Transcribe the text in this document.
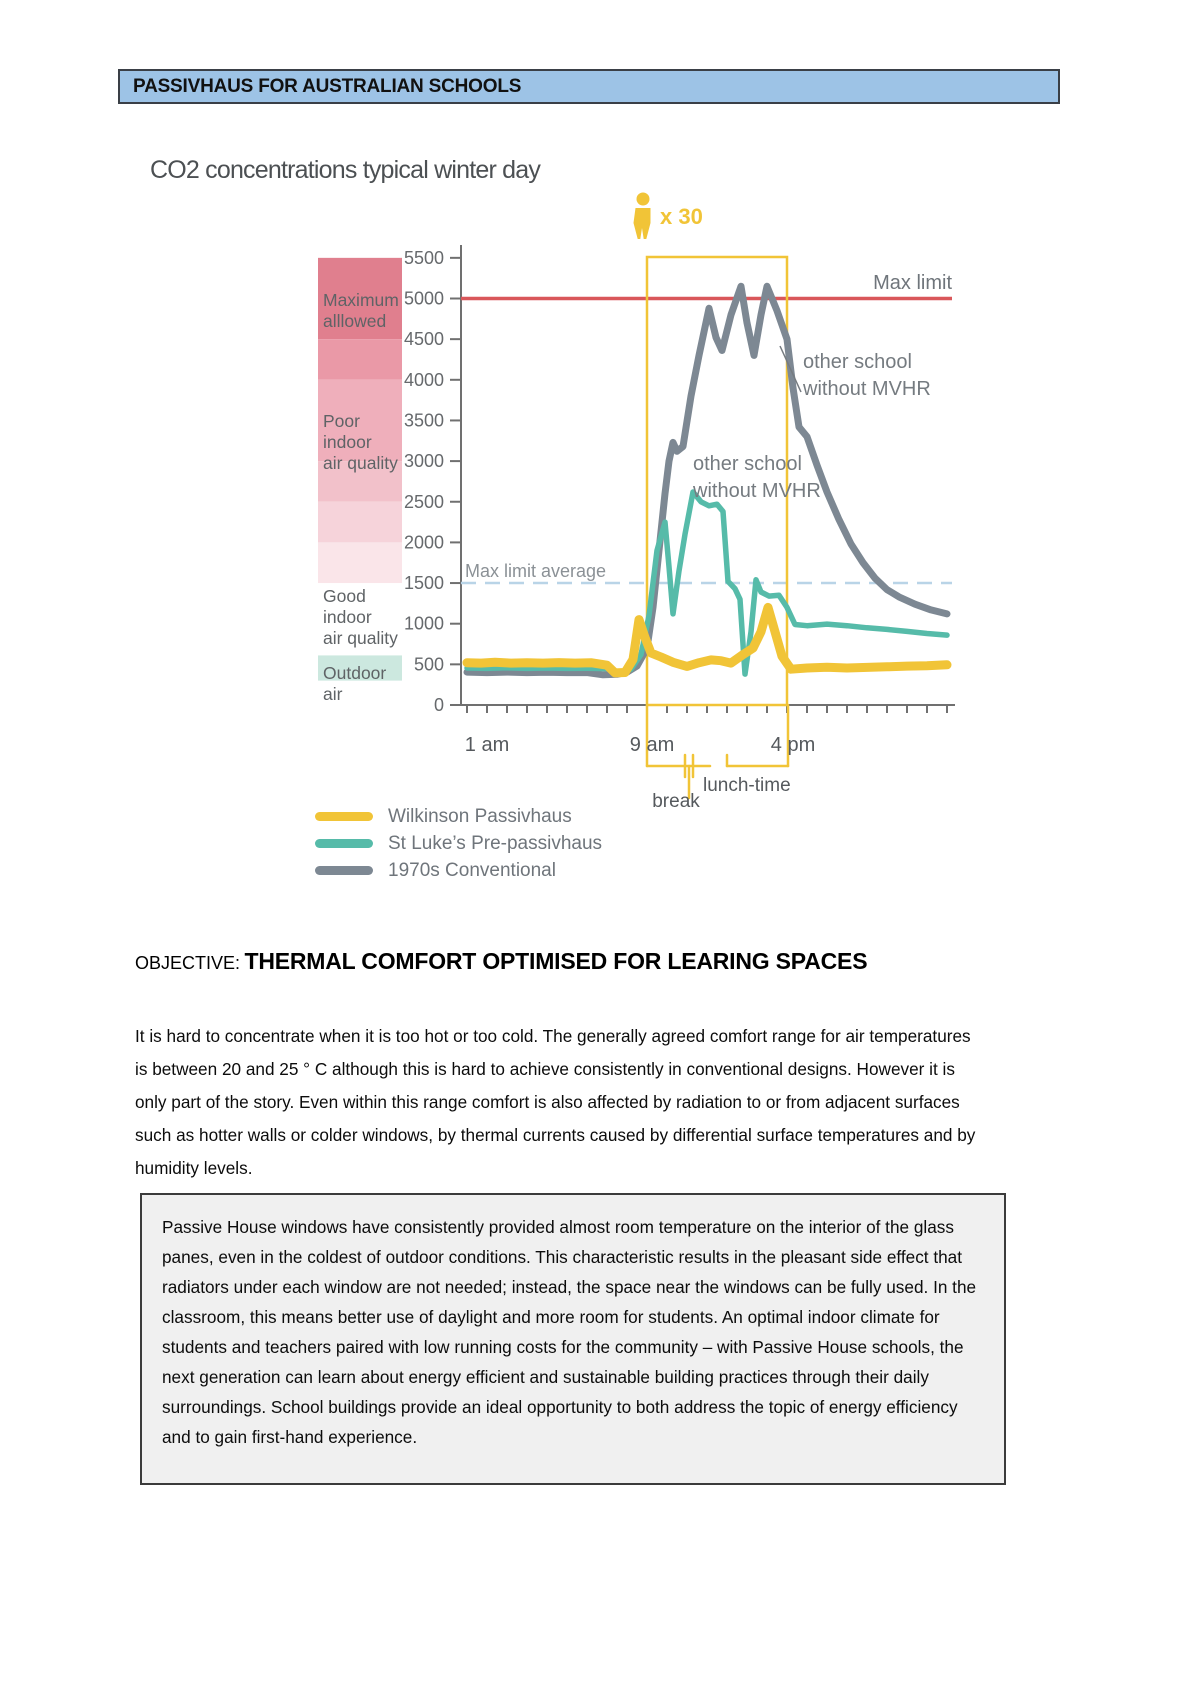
PASSIVHAUS FOR AUSTRALIAN SCHOOLS
CO2 concentrations typical winter day
0
500
1000
1500
2000
2500
3000
3500
4000
4500
5000
5500
Max limit
Max limit average
x 30
1 am	9 am	4 pm
break
lunch-time
other school
without MVHR
other school
without MVHR
Maximum
alllowed
Poor
indoor
air quality
Good
indoor
air quality
Outdoor
air
Wilkinson Passivhaus
St Luke’s Pre-passivhaus
1970s Conventional
OBJECTIVE: THERMAL COMFORT OPTIMISED FOR LEARING SPACES

It is hard to concentrate when it is too hot or too cold. The generally agreed comfort range for air temperatures is between 20 and 25 ° C although this is hard to achieve consistently in conventional designs. However it is only part of the story. Even within this range comfort is also affected by radiation to or from adjacent surfaces such as hotter walls or colder windows, by thermal currents caused by differential surface temperatures and by humidity levels.

Passive House windows have consistently provided almost room temperature on the interior of the glass panes, even in the coldest of outdoor conditions. This characteristic results in the pleasant side effect that radiators under each window are not needed; instead, the space near the windows can be fully used. In the classroom, this means better use of daylight and more room for students. An optimal indoor climate for students and teachers paired with low running costs for the community – with Passive House schools, the next generation can learn about energy efficient and sustainable building practices through their daily surroundings. School buildings provide an ideal opportunity to both address the topic of energy efficiency and to gain first-hand experience.
